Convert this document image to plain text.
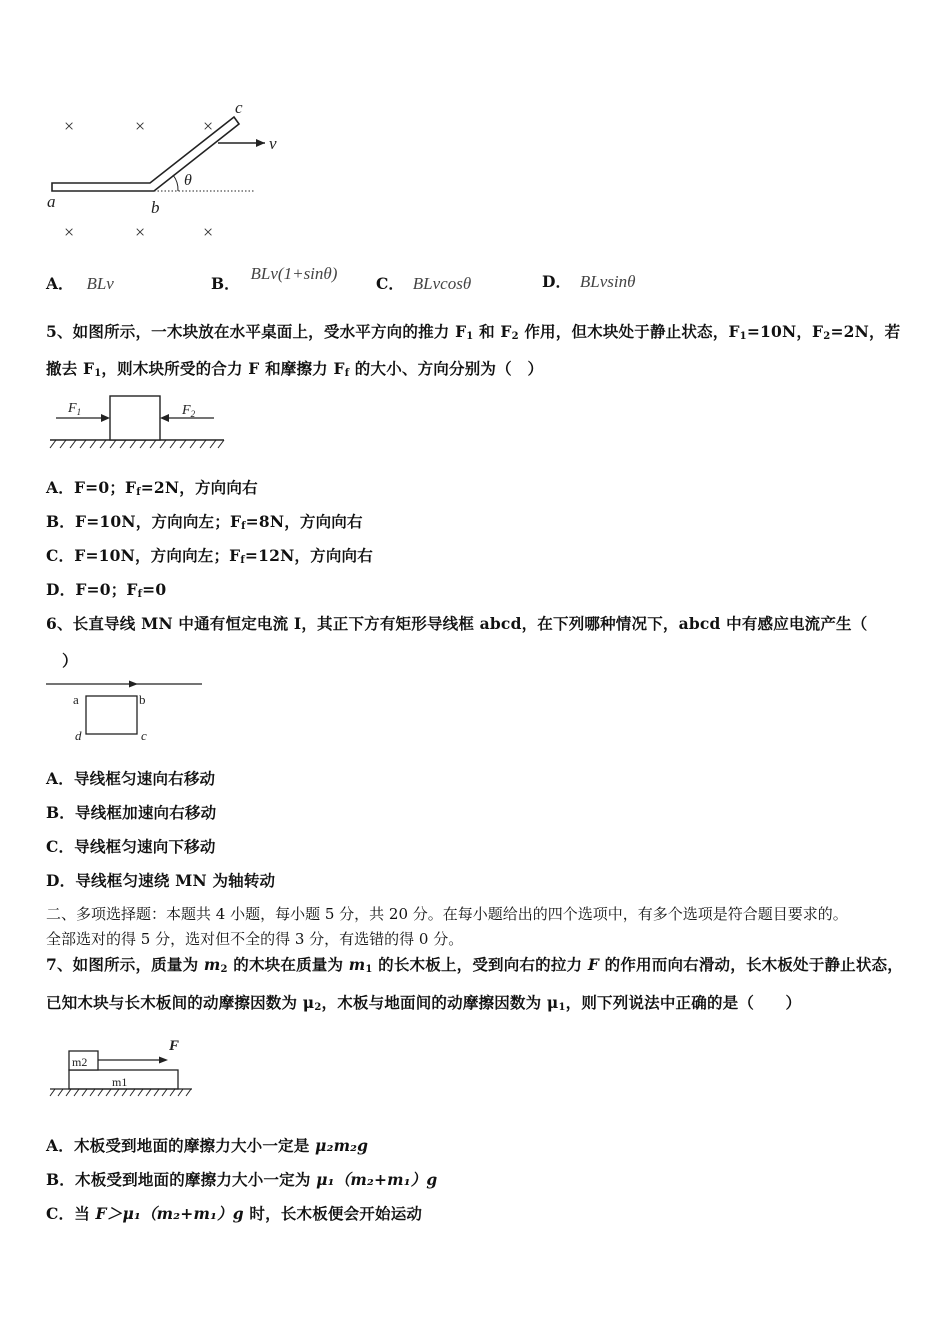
×	×	×
×	×	×
a	b
c
v
θ
A． BLv	B． BLv(1+sinθ)
C． BLvcosθ	D． BLvsinθ
5、如图所示，一木块放在水平桌面上，受水平方向的推力 $F_1$ 和 $F_2$ 作用，但木块处于静止状态，$F_1=10N$，$F_2=2N$，若
撤去 $F_1$，则木块所受的合力 F 和摩擦力 $F_f$ 的大小、方向分别为（　）
$F_1$	$F_2$
A．F=0；$F_f=2N$，方向向右
B．F=10N，方向向左；$F_f=8N$，方向向右
C．F=10N，方向向左；$F_f=12N$，方向向右
D．F=0；$F_f=0$
6、长直导线 MN 中通有恒定电流 I，其正下方有矩形导线框 abcd，在下列哪种情况下，abcd 中有感应电流产生（
）
a	b
c
d
A．导线框匀速向右移动
B．导线框加速向右移动
C．导线框匀速向下移动
D．导线框匀速绕 MN 为轴转动
二、多项选择题：本题共 4 小题，每小题 5 分，共 20 分。在每小题给出的四个选项中，有多个选项是符合题目要求的。
全部选对的得 5 分，选对但不全的得 3 分，有选错的得 0 分。
7、如图所示，质量为 $m_2$ 的木块在质量为 $m_1$ 的长木板上，受到向右的拉力 F 的作用而向右滑动，长木板处于静止状态，
已知木块与长木板间的动摩擦因数为 $\mu_2$，木板与地面间的动摩擦因数为 $\mu_1$，则下列说法中正确的是（　　）
F
m2
m1
A．木板受到地面的摩擦力大小一定是 μ₂m₂g
B．木板受到地面的摩擦力大小一定为 μ₁（m₂+m₁）g
C．当 F＞μ₁（m₂+m₁）g 时，长木板便会开始运动
